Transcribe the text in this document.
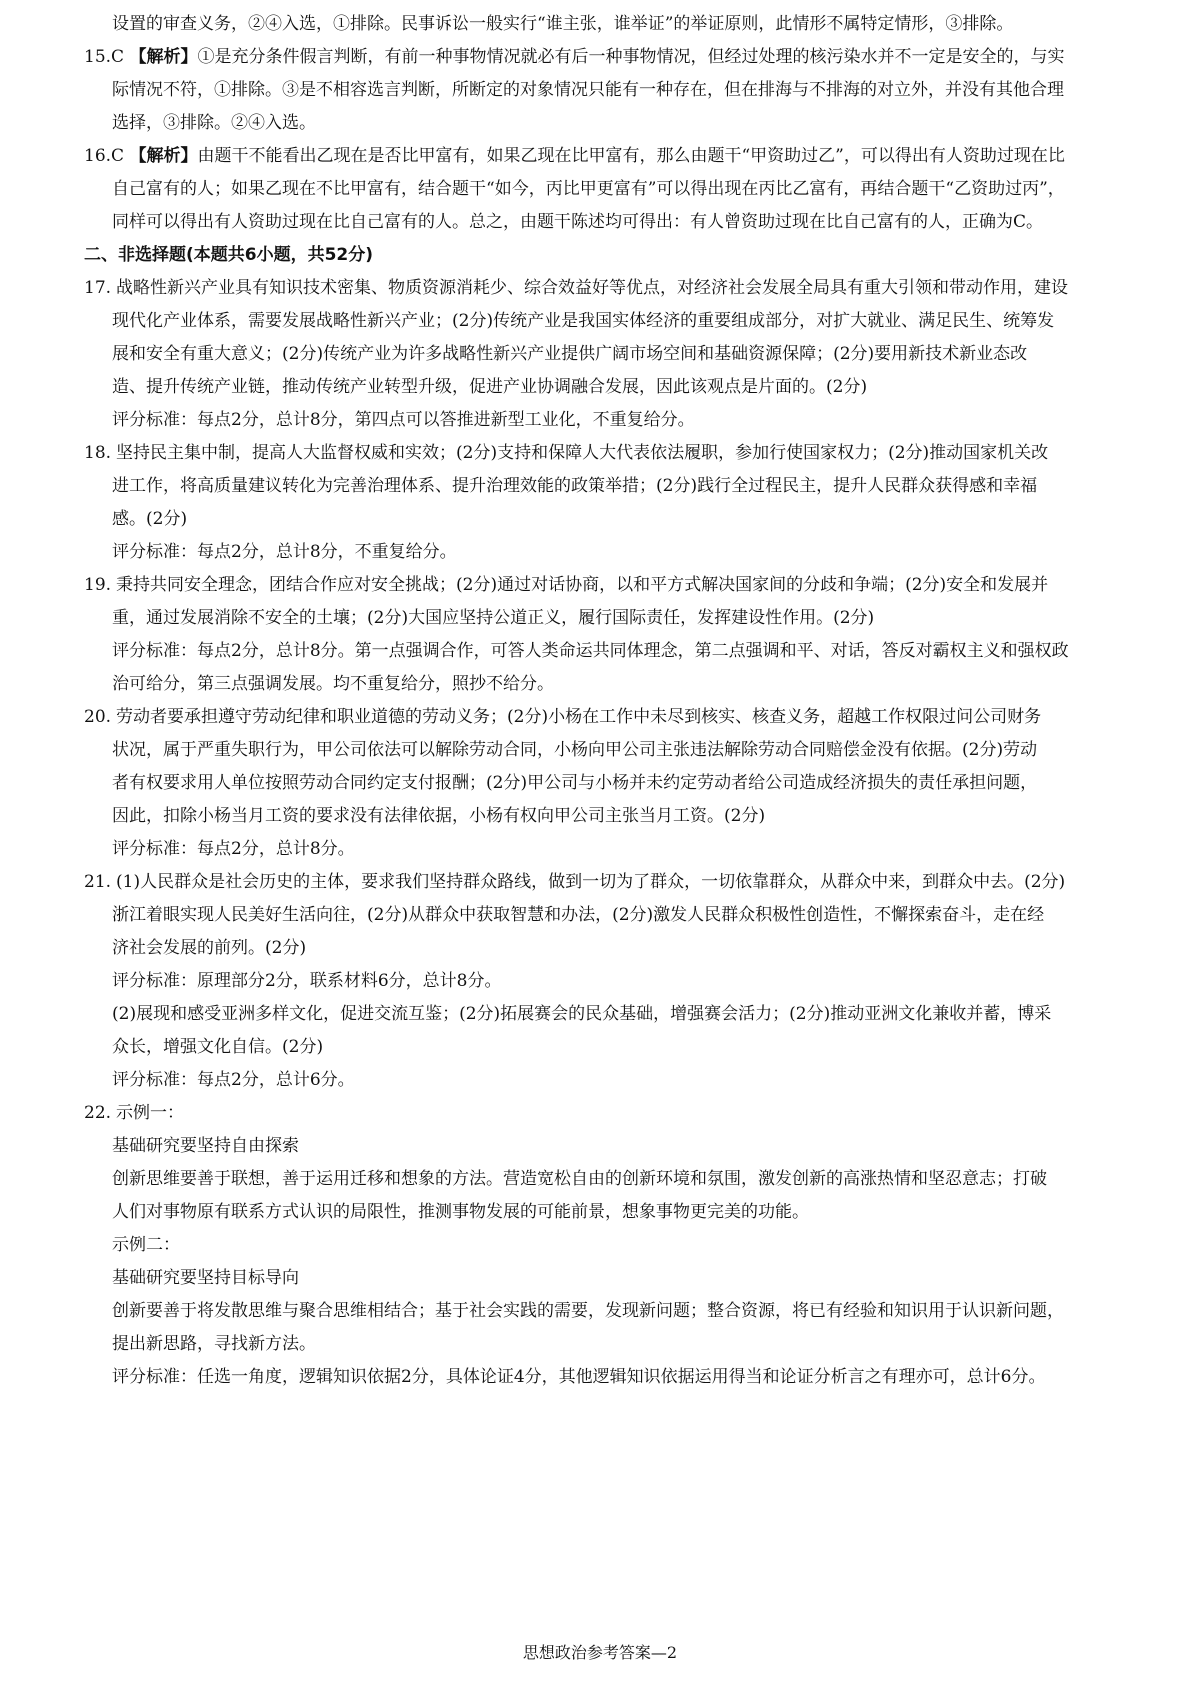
设置的审查义务，②④入选，①排除。民事诉讼一般实行“谁主张，谁举证”的举证原则，此情形不属特定情形，③排除。
15.C 【解析】①是充分条件假言判断，有前一种事物情况就必有后一种事物情况，但经过处理的核污染水并不一定是安全的，与实
际情况不符，①排除。③是不相容选言判断，所断定的对象情况只能有一种存在，但在排海与不排海的对立外，并没有其他合理
选择，③排除。②④入选。
16.C 【解析】由题干不能看出乙现在是否比甲富有，如果乙现在比甲富有，那么由题干“甲资助过乙”，可以得出有人资助过现在比
自己富有的人；如果乙现在不比甲富有，结合题干“如今，丙比甲更富有”可以得出现在丙比乙富有，再结合题干“乙资助过丙”，
同样可以得出有人资助过现在比自己富有的人。总之，由题干陈述均可得出：有人曾资助过现在比自己富有的人，正确为C。
二、非选择题(本题共6小题，共52分)
17. 战略性新兴产业具有知识技术密集、物质资源消耗少、综合效益好等优点，对经济社会发展全局具有重大引领和带动作用，建设
现代化产业体系，需要发展战略性新兴产业；(2分)传统产业是我国实体经济的重要组成部分，对扩大就业、满足民生、统筹发
展和安全有重大意义；(2分)传统产业为许多战略性新兴产业提供广阔市场空间和基础资源保障；(2分)要用新技术新业态改
造、提升传统产业链，推动传统产业转型升级，促进产业协调融合发展，因此该观点是片面的。(2分)
评分标准：每点2分，总计8分，第四点可以答推进新型工业化，不重复给分。
18. 坚持民主集中制，提高人大监督权威和实效；(2分)支持和保障人大代表依法履职，参加行使国家权力；(2分)推动国家机关改
进工作，将高质量建议转化为完善治理体系、提升治理效能的政策举措；(2分)践行全过程民主，提升人民群众获得感和幸福
感。(2分)
评分标准：每点2分，总计8分，不重复给分。
19. 秉持共同安全理念，团结合作应对安全挑战；(2分)通过对话协商，以和平方式解决国家间的分歧和争端；(2分)安全和发展并
重，通过发展消除不安全的土壤；(2分)大国应坚持公道正义，履行国际责任，发挥建设性作用。(2分)
评分标准：每点2分，总计8分。第一点强调合作，可答人类命运共同体理念，第二点强调和平、对话，答反对霸权主义和强权政
治可给分，第三点强调发展。均不重复给分，照抄不给分。
20. 劳动者要承担遵守劳动纪律和职业道德的劳动义务；(2分)小杨在工作中未尽到核实、核查义务，超越工作权限过问公司财务
状况，属于严重失职行为，甲公司依法可以解除劳动合同，小杨向甲公司主张违法解除劳动合同赔偿金没有依据。(2分)劳动
者有权要求用人单位按照劳动合同约定支付报酬；(2分)甲公司与小杨并未约定劳动者给公司造成经济损失的责任承担问题，
因此，扣除小杨当月工资的要求没有法律依据，小杨有权向甲公司主张当月工资。(2分)
评分标准：每点2分，总计8分。
21. (1)人民群众是社会历史的主体，要求我们坚持群众路线，做到一切为了群众，一切依靠群众，从群众中来，到群众中去。(2分)
浙江着眼实现人民美好生活向往，(2分)从群众中获取智慧和办法，(2分)激发人民群众积极性创造性，不懈探索奋斗，走在经
济社会发展的前列。(2分)
评分标准：原理部分2分，联系材料6分，总计8分。
(2)展现和感受亚洲多样文化，促进交流互鉴；(2分)拓展赛会的民众基础，增强赛会活力；(2分)推动亚洲文化兼收并蓄，博采
众长，增强文化自信。(2分)
评分标准：每点2分，总计6分。
22. 示例一：
基础研究要坚持自由探索
创新思维要善于联想，善于运用迁移和想象的方法。营造宽松自由的创新环境和氛围，激发创新的高涨热情和坚忍意志；打破
人们对事物原有联系方式认识的局限性，推测事物发展的可能前景，想象事物更完美的功能。
示例二：
基础研究要坚持目标导向
创新要善于将发散思维与聚合思维相结合；基于社会实践的需要，发现新问题；整合资源，将已有经验和知识用于认识新问题，
提出新思路，寻找新方法。
评分标准：任选一角度，逻辑知识依据2分，具体论证4分，其他逻辑知识依据运用得当和论证分析言之有理亦可，总计6分。
思想政治参考答案—2
